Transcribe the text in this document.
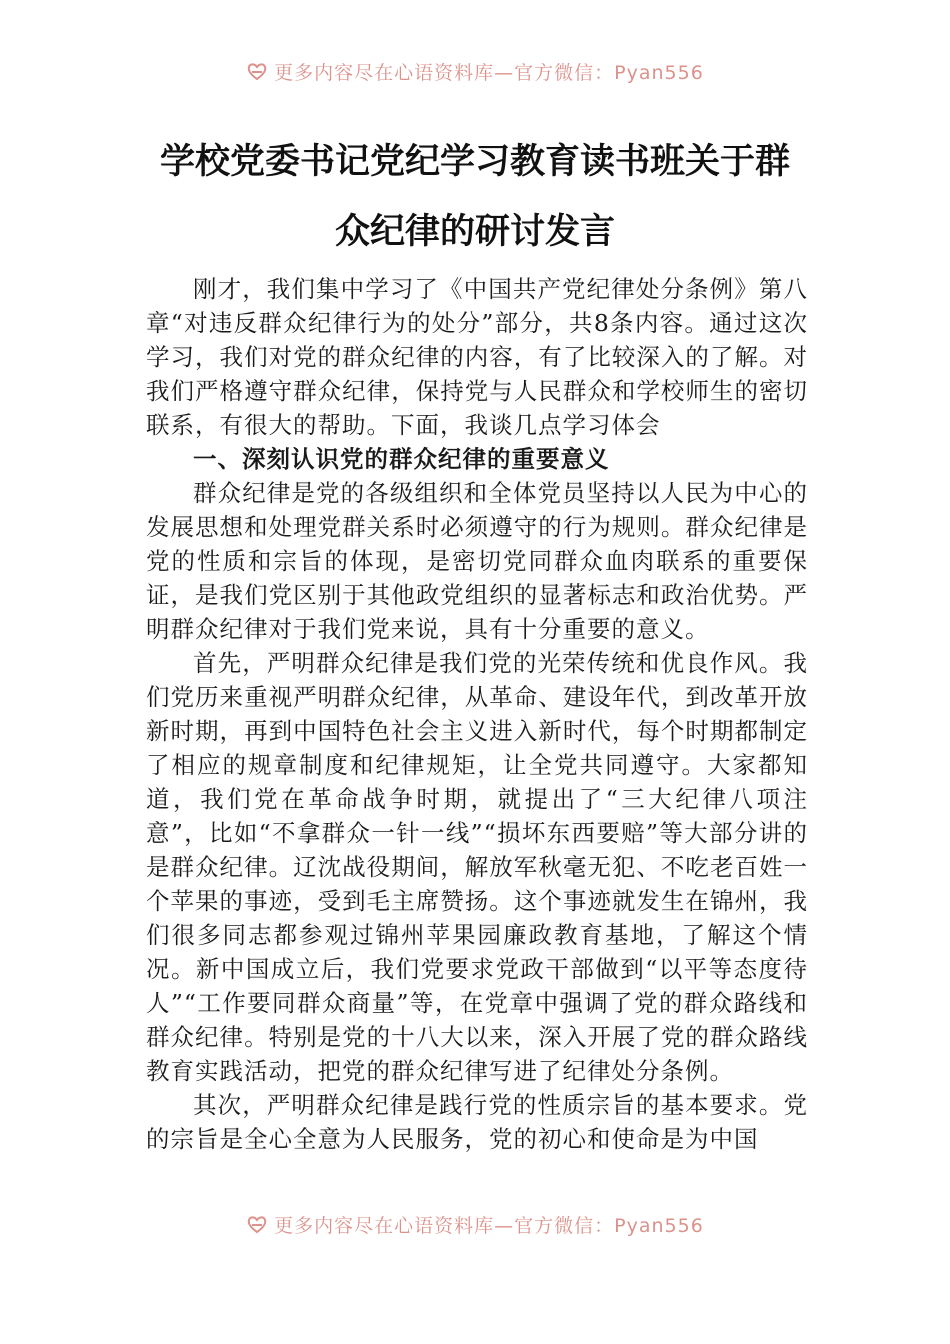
更多内容尽在心语资料库—官方微信：Pyan556
学校党委书记党纪学习教育读书班关于群
众纪律的研讨发言

刚才，我们集中学习了《中国共产党纪律处分条例》第八章“对违反群众纪律行为的处分”部分，共8条内容。通过这次学习，我们对党的群众纪律的内容，有了比较深入的了解。对我们严格遵守群众纪律，保持党与人民群众和学校师生的密切联系，有很大的帮助。下面，我谈几点学习体会

一、深刻认识党的群众纪律的重要意义

群众纪律是党的各级组织和全体党员坚持以人民为中心的发展思想和处理党群关系时必须遵守的行为规则。群众纪律是党的性质和宗旨的体现，是密切党同群众血肉联系的重要保证，是我们党区别于其他政党组织的显著标志和政治优势。严明群众纪律对于我们党来说，具有十分重要的意义。

首先，严明群众纪律是我们党的光荣传统和优良作风。我们党历来重视严明群众纪律，从革命、建设年代，到改革开放新时期，再到中国特色社会主义进入新时代，每个时期都制定了相应的规章制度和纪律规矩，让全党共同遵守。大家都知道，我们党在革命战争时期，就提出了“三大纪律八项注意”，比如“不拿群众一针一线”“损坏东西要赔”等大部分讲的是群众纪律。辽沈战役期间，解放军秋毫无犯、不吃老百姓一个苹果的事迹，受到毛主席赞扬。这个事迹就发生在锦州，我们很多同志都参观过锦州苹果园廉政教育基地，了解这个情况。新中国成立后，我们党要求党政干部做到“以平等态度待人”“工作要同群众商量”等，在党章中强调了党的群众路线和群众纪律。特别是党的十八大以来，深入开展了党的群众路线教育实践活动，把党的群众纪律写进了纪律处分条例。

其次，严明群众纪律是践行党的性质宗旨的基本要求。党的宗旨是全心全意为人民服务，党的初心和使命是为中国

更多内容尽在心语资料库—官方微信：Pyan556
